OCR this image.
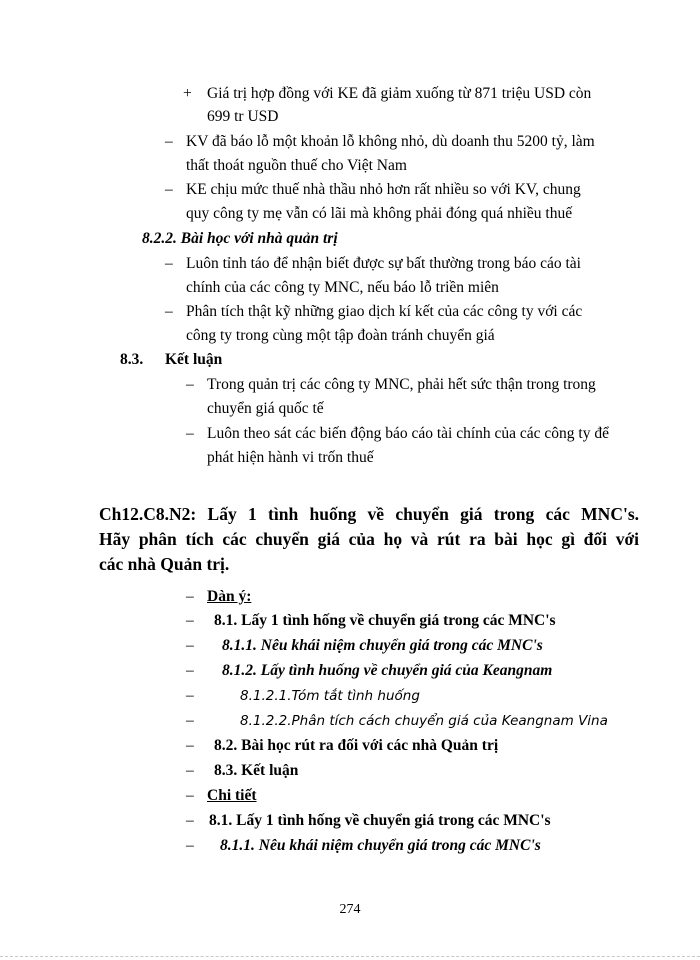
+ Giá trị hợp đồng với KE đã giảm xuống từ 871 triệu USD còn
699 tr USD
– KV đã báo lỗ một khoản lỗ không nhỏ, dù doanh thu 5200 tỷ, làm
thất thoát nguồn thuế cho Việt Nam
– KE chịu mức thuế nhà thầu nhỏ hơn rất nhiều so với KV, chung
quy công ty mẹ vẫn có lãi mà không phải đóng quá nhiều thuế
8.2.2. Bài học với nhà quản trị
– Luôn tỉnh táo để nhận biết được sự bất thường trong báo cáo tài
chính của các công ty MNC, nếu báo lỗ triền miên
– Phân tích thật kỹ những giao dịch kí kết của các công ty với các
công ty trong cùng một tập đoàn tránh chuyển giá
8.3. Kết luận
– Trong quản trị các công ty MNC, phải hết sức thận trong trong
chuyển giá quốc tế
– Luôn theo sát các biến động báo cáo tài chính của các công ty để
phát hiện hành vi trốn thuế
Ch12.C8.N2: Lấy 1 tình huống về chuyển giá trong các MNC's.
Hãy phân tích các chuyển giá của họ và rút ra bài học gì đối với
các nhà Quản trị.
– Dàn ý:
– 8.1. Lấy 1 tình hống về chuyển giá trong các MNC's
– 8.1.1. Nêu khái niệm chuyển giá trong các MNC's
– 8.1.2. Lấy tình huống về chuyển giá của Keangnam
–	8.1.2.1.Tóm tắt tình huống
–	8.1.2.2.Phân tích cách chuyển giá của Keangnam Vina
– 8.2. Bài học rút ra đối với các nhà Quản trị
– 8.3. Kết luận
– Chi tiết
– 8.1. Lấy 1 tình hống về chuyển giá trong các MNC's
– 8.1.1. Nêu khái niệm chuyển giá trong các MNC's
274
